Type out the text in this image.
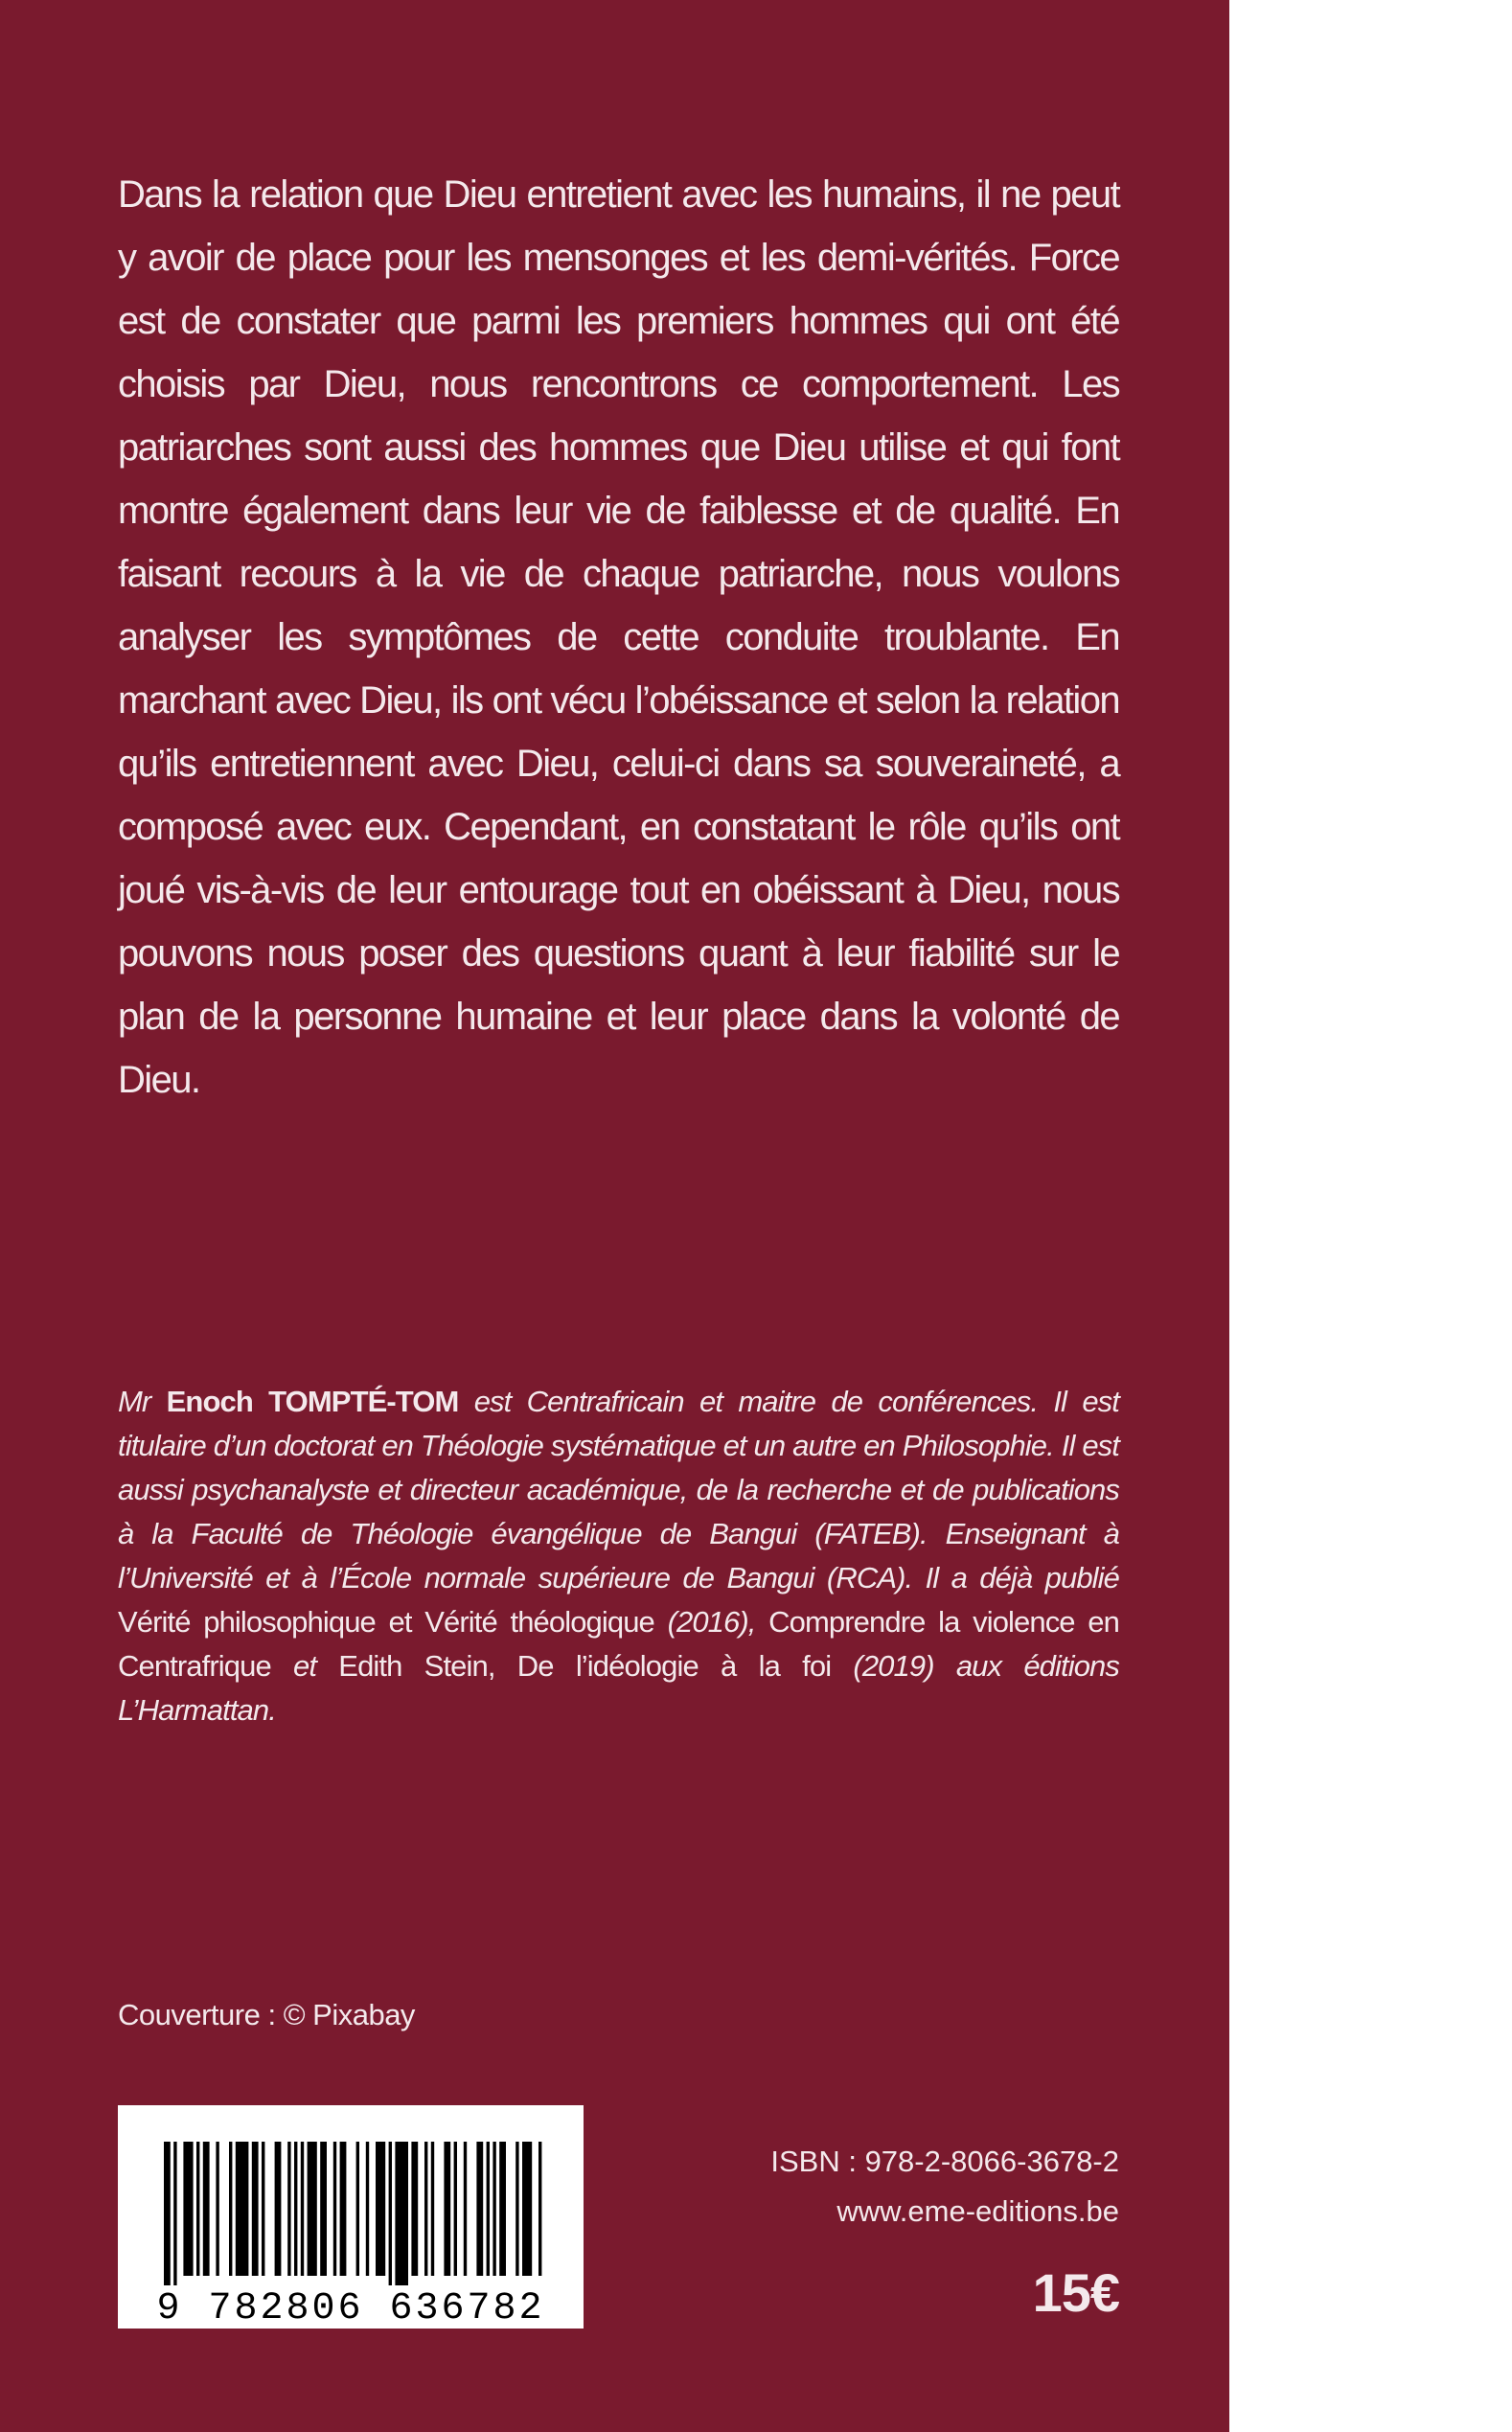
Dans la relation que Dieu entretient avec les humains, il ne peut y avoir de place pour les mensonges et les demi-vérités. Force est de constater que parmi les premiers hommes qui ont été choisis par Dieu, nous rencontrons ce comportement. Les patriarches sont aussi des hommes que Dieu utilise et qui font montre également dans leur vie de faiblesse et de qualité. En faisant recours à la vie de chaque patriarche, nous voulons analyser les symptômes de cette conduite troublante. En marchant avec Dieu, ils ont vécu l’obéissance et selon la relation qu’ils entretiennent avec Dieu, celui-ci dans sa souveraineté, a composé avec eux. Cependant, en constatant le rôle qu’ils ont joué vis-à-vis de leur entourage tout en obéissant à Dieu, nous pouvons nous poser des questions quant à leur fiabilité sur le plan de la personne humaine et leur place dans la volonté de Dieu.

Mr Enoch TOMPTÉ-TOM est Centrafricain et maitre de conférences. Il est titulaire d’un doctorat en Théologie systématique et un autre en Philosophie. Il est aussi psychanalyste et directeur académique, de la recherche et de publications à la Faculté de Théologie évangélique de Bangui (FATEB). Enseignant à l’Université et à l’École normale supérieure de Bangui (RCA). Il a déjà publié Vérité philosophique et Vérité théologique (2016), Comprendre la violence en Centrafrique et Edith Stein, De l’idéologie à la foi (2019) aux éditions L’Harmattan.

Couverture : © Pixabay
9 782806 636782
ISBN : 978-2-8066-3678-2
www.eme-editions.be
15€
